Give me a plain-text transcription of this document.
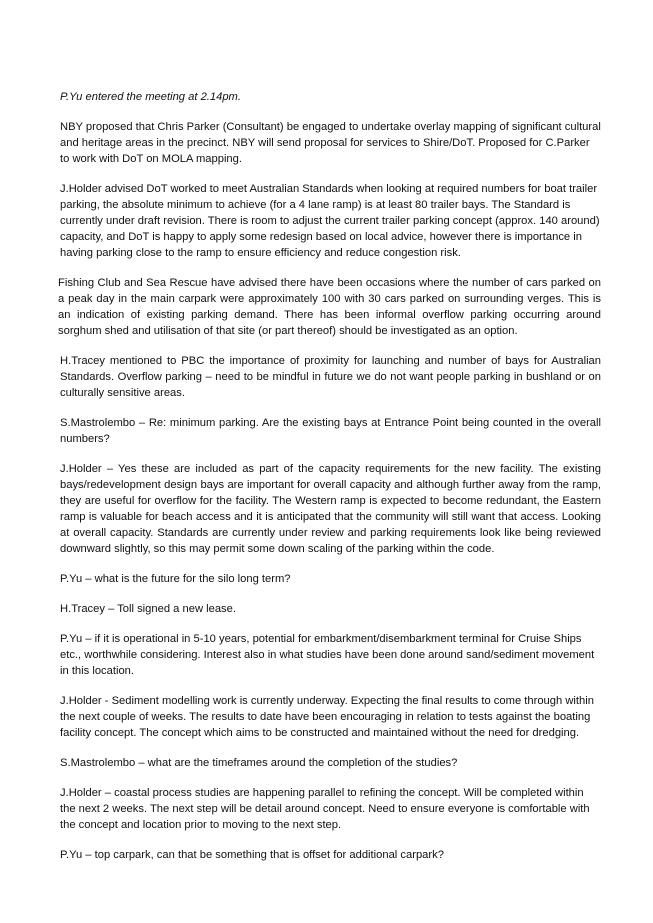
P.Yu entered the meeting at 2.14pm.

NBY proposed that Chris Parker (Consultant) be engaged to undertake overlay mapping of significant cultural and heritage areas in the precinct. NBY will send proposal for services to Shire/DoT. Proposed for C.Parker to work with DoT on MOLA mapping.

J.Holder advised DoT worked to meet Australian Standards when looking at required numbers for boat trailer parking, the absolute minimum to achieve (for a 4 lane ramp) is at least 80 trailer bays. The Standard is currently under draft revision. There is room to adjust the current trailer parking concept (approx. 140 around) capacity, and DoT is happy to apply some redesign based on local advice, however there is importance in having parking close to the ramp to ensure efficiency and reduce congestion risk.

Fishing Club and Sea Rescue have advised there have been occasions where the number of cars parked on a peak day in the main carpark were approximately 100 with 30 cars parked on surrounding verges. This is an indication of existing parking demand. There has been informal overflow parking occurring around sorghum shed and utilisation of that site (or part thereof) should be investigated as an option.

H.Tracey mentioned to PBC the importance of proximity for launching and number of bays for Australian Standards. Overflow parking – need to be mindful in future we do not want people parking in bushland or on culturally sensitive areas.

S.Mastrolembo – Re: minimum parking. Are the existing bays at Entrance Point being counted in the overall numbers?

J.Holder – Yes these are included as part of the capacity requirements for the new facility. The existing bays/redevelopment design bays are important for overall capacity and although further away from the ramp, they are useful for overflow for the facility. The Western ramp is expected to become redundant, the Eastern ramp is valuable for beach access and it is anticipated that the community will still want that access. Looking at overall capacity. Standards are currently under review and parking requirements look like being reviewed downward slightly, so this may permit some down scaling of the parking within the code.

P.Yu – what is the future for the silo long term?

H.Tracey – Toll signed a new lease.

P.Yu – if it is operational in 5-10 years, potential for embarkment/disembarkment terminal for Cruise Ships etc., worthwhile considering. Interest also in what studies have been done around sand/sediment movement in this location.

J.Holder - Sediment modelling work is currently underway. Expecting the final results to come through within the next couple of weeks. The results to date have been encouraging in relation to tests against the boating facility concept. The concept which aims to be constructed and maintained without the need for dredging.

S.Mastrolembo – what are the timeframes around the completion of the studies?

J.Holder – coastal process studies are happening parallel to refining the concept. Will be completed within the next 2 weeks. The next step will be detail around concept. Need to ensure everyone is comfortable with the concept and location prior to moving to the next step.

P.Yu – top carpark, can that be something that is offset for additional carpark?
